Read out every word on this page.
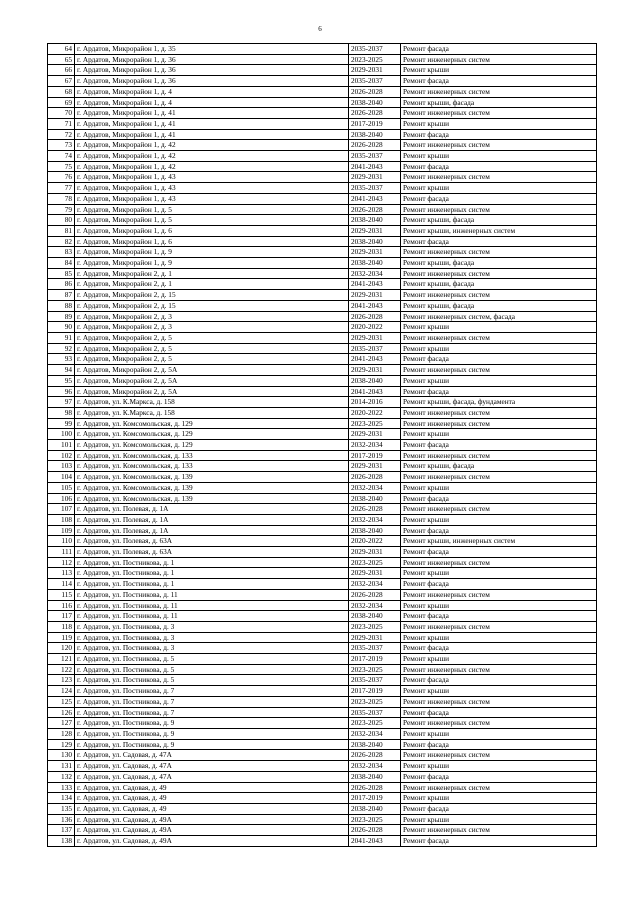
6
64	г. Ардатов, Микрорайон 1, д. 35	2035-2037	Ремонт фасада
65	г. Ардатов, Микрорайон 1, д. 36	2023-2025	Ремонт инженерных систем
66	г. Ардатов, Микрорайон 1, д. 36	2029-2031	Ремонт крыши
67	г. Ардатов, Микрорайон 1, д. 36	2035-2037	Ремонт фасада
68	г. Ардатов, Микрорайон 1, д. 4	2026-2028	Ремонт инженерных систем
69	г. Ардатов, Микрорайон 1, д. 4	2038-2040	Ремонт крыши, фасада
70	г. Ардатов, Микрорайон 1, д. 41	2026-2028	Ремонт инженерных систем
71	г. Ардатов, Микрорайон 1, д. 41	2017-2019	Ремонт крыши
72	г. Ардатов, Микрорайон 1, д. 41	2038-2040	Ремонт фасада
73	г. Ардатов, Микрорайон 1, д. 42	2026-2028	Ремонт инженерных систем
74	г. Ардатов, Микрорайон 1, д. 42	2035-2037	Ремонт крыши
75	г. Ардатов, Микрорайон 1, д. 42	2041-2043	Ремонт фасада
76	г. Ардатов, Микрорайон 1, д. 43	2029-2031	Ремонт инженерных систем
77	г. Ардатов, Микрорайон 1, д. 43	2035-2037	Ремонт крыши
78	г. Ардатов, Микрорайон 1, д. 43	2041-2043	Ремонт фасада
79	г. Ардатов, Микрорайон 1, д. 5	2026-2028	Ремонт инженерных систем
80	г. Ардатов, Микрорайон 1, д. 5	2038-2040	Ремонт крыши, фасада
81	г. Ардатов, Микрорайон 1, д. 6	2029-2031	Ремонт крыши, инженерных систем
82	г. Ардатов, Микрорайон 1, д. 6	2038-2040	Ремонт фасада
83	г. Ардатов, Микрорайон 1, д. 9	2029-2031	Ремонт инженерных систем
84	г. Ардатов, Микрорайон 1, д. 9	2038-2040	Ремонт крыши, фасада
85	г. Ардатов, Микрорайон 2, д. 1	2032-2034	Ремонт инженерных систем
86	г. Ардатов, Микрорайон 2, д. 1	2041-2043	Ремонт крыши, фасада
87	г. Ардатов, Микрорайон 2, д. 15	2029-2031	Ремонт инженерных систем
88	г. Ардатов, Микрорайон 2, д. 15	2041-2043	Ремонт крыши, фасада
89	г. Ардатов, Микрорайон 2, д. 3	2026-2028	Ремонт инженерных систем, фасада
90	г. Ардатов, Микрорайон 2, д. 3	2020-2022	Ремонт крыши
91	г. Ардатов, Микрорайон 2, д. 5	2029-2031	Ремонт инженерных систем
92	г. Ардатов, Микрорайон 2, д. 5	2035-2037	Ремонт крыши
93	г. Ардатов, Микрорайон 2, д. 5	2041-2043	Ремонт фасада
94	г. Ардатов, Микрорайон 2, д. 5А	2029-2031	Ремонт инженерных систем
95	г. Ардатов, Микрорайон 2, д. 5А	2038-2040	Ремонт крыши
96	г. Ардатов, Микрорайон 2, д. 5А	2041-2043	Ремонт фасада
97	г. Ардатов, ул. К.Маркса, д. 158	2014-2016	Ремонт крыши, фасада, фундамента
98	г. Ардатов, ул. К.Маркса, д. 158	2020-2022	Ремонт инженерных систем
99	г. Ардатов, ул. Комсомольская, д. 129	2023-2025	Ремонт инженерных систем
100	г. Ардатов, ул. Комсомольская, д. 129	2029-2031	Ремонт крыши
101	г. Ардатов, ул. Комсомольская, д. 129	2032-2034	Ремонт фасада
102	г. Ардатов, ул. Комсомольская, д. 133	2017-2019	Ремонт инженерных систем
103	г. Ардатов, ул. Комсомольская, д. 133	2029-2031	Ремонт крыши, фасада
104	г. Ардатов, ул. Комсомольская, д. 139	2026-2028	Ремонт инженерных систем
105	г. Ардатов, ул. Комсомольская, д. 139	2032-2034	Ремонт крыши
106	г. Ардатов, ул. Комсомольская, д. 139	2038-2040	Ремонт фасада
107	г. Ардатов, ул. Полевая, д. 1А	2026-2028	Ремонт инженерных систем
108	г. Ардатов, ул. Полевая, д. 1А	2032-2034	Ремонт крыши
109	г. Ардатов, ул. Полевая, д. 1А	2038-2040	Ремонт фасада
110	г. Ардатов, ул. Полевая, д. 63А	2020-2022	Ремонт крыши, инженерных систем
111	г. Ардатов, ул. Полевая, д. 63А	2029-2031	Ремонт фасада
112	г. Ардатов, ул. Постникова, д. 1	2023-2025	Ремонт инженерных систем
113	г. Ардатов, ул. Постникова, д. 1	2029-2031	Ремонт крыши
114	г. Ардатов, ул. Постникова, д. 1	2032-2034	Ремонт фасада
115	г. Ардатов, ул. Постникова, д. 11	2026-2028	Ремонт инженерных систем
116	г. Ардатов, ул. Постникова, д. 11	2032-2034	Ремонт крыши
117	г. Ардатов, ул. Постникова, д. 11	2038-2040	Ремонт фасада
118	г. Ардатов, ул. Постникова, д. 3	2023-2025	Ремонт инженерных систем
119	г. Ардатов, ул. Постникова, д. 3	2029-2031	Ремонт крыши
120	г. Ардатов, ул. Постникова, д. 3	2035-2037	Ремонт фасада
121	г. Ардатов, ул. Постникова, д. 5	2017-2019	Ремонт крыши
122	г. Ардатов, ул. Постникова, д. 5	2023-2025	Ремонт инженерных систем
123	г. Ардатов, ул. Постникова, д. 5	2035-2037	Ремонт фасада
124	г. Ардатов, ул. Постникова, д. 7	2017-2019	Ремонт крыши
125	г. Ардатов, ул. Постникова, д. 7	2023-2025	Ремонт инженерных систем
126	г. Ардатов, ул. Постникова, д. 7	2035-2037	Ремонт фасада
127	г. Ардатов, ул. Постникова, д. 9	2023-2025	Ремонт инженерных систем
128	г. Ардатов, ул. Постникова, д. 9	2032-2034	Ремонт крыши
129	г. Ардатов, ул. Постникова, д. 9	2038-2040	Ремонт фасада
130	г. Ардатов, ул. Садовая, д. 47А	2026-2028	Ремонт инженерных систем
131	г. Ардатов, ул. Садовая, д. 47А	2032-2034	Ремонт крыши
132	г. Ардатов, ул. Садовая, д. 47А	2038-2040	Ремонт фасада
133	г. Ардатов, ул. Садовая, д. 49	2026-2028	Ремонт инженерных систем
134	г. Ардатов, ул. Садовая, д. 49	2017-2019	Ремонт крыши
135	г. Ардатов, ул. Садовая, д. 49	2038-2040	Ремонт фасада
136	г. Ардатов, ул. Садовая, д. 49А	2023-2025	Ремонт крыши
137	г. Ардатов, ул. Садовая, д. 49А	2026-2028	Ремонт инженерных систем
138	г. Ардатов, ул. Садовая, д. 49А	2041-2043	Ремонт фасада
